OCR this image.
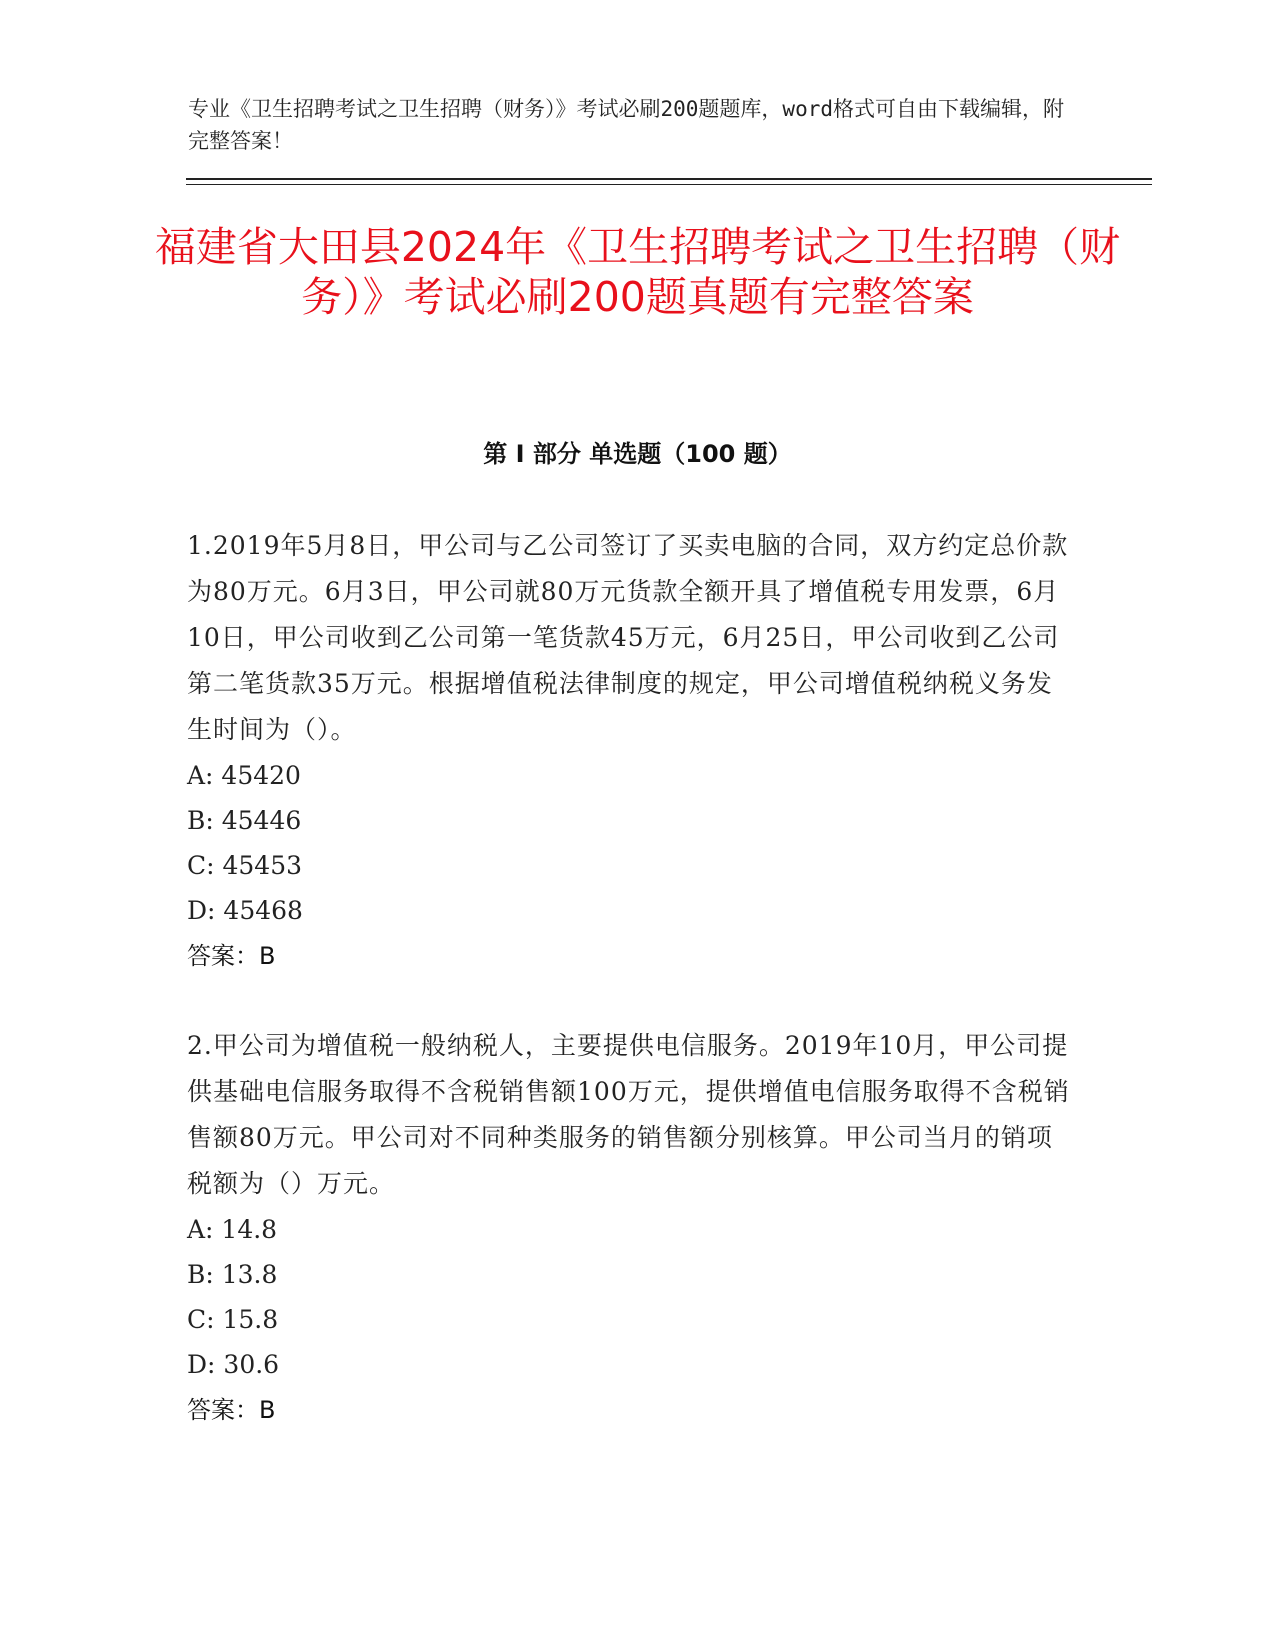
专业《卫生招聘考试之卫生招聘（财务）》考试必刷200题题库，word格式可自由下载编辑，附完整答案！

福建省大田县2024年《卫生招聘考试之卫生招聘（财务）》考试必刷200题真题有完整答案
第 I 部分 单选题（100 题）

1.2019年5月8日，甲公司与乙公司签订了买卖电脑的合同，双方约定总价款为80万元。6月3日，甲公司就80万元货款全额开具了增值税专用发票，6月10日，甲公司收到乙公司第一笔货款45万元，6月25日，甲公司收到乙公司第二笔货款35万元。根据增值税法律制度的规定，甲公司增值税纳税义务发生时间为（）。

A: 45420

B: 45446

C: 45453

D: 45468

答案：B

2.甲公司为增值税一般纳税人，主要提供电信服务。2019年10月，甲公司提供基础电信服务取得不含税销售额100万元，提供增值电信服务取得不含税销售额80万元。甲公司对不同种类服务的销售额分别核算。甲公司当月的销项税额为（）万元。

A: 14.8

B: 13.8

C: 15.8

D: 30.6

答案：B
